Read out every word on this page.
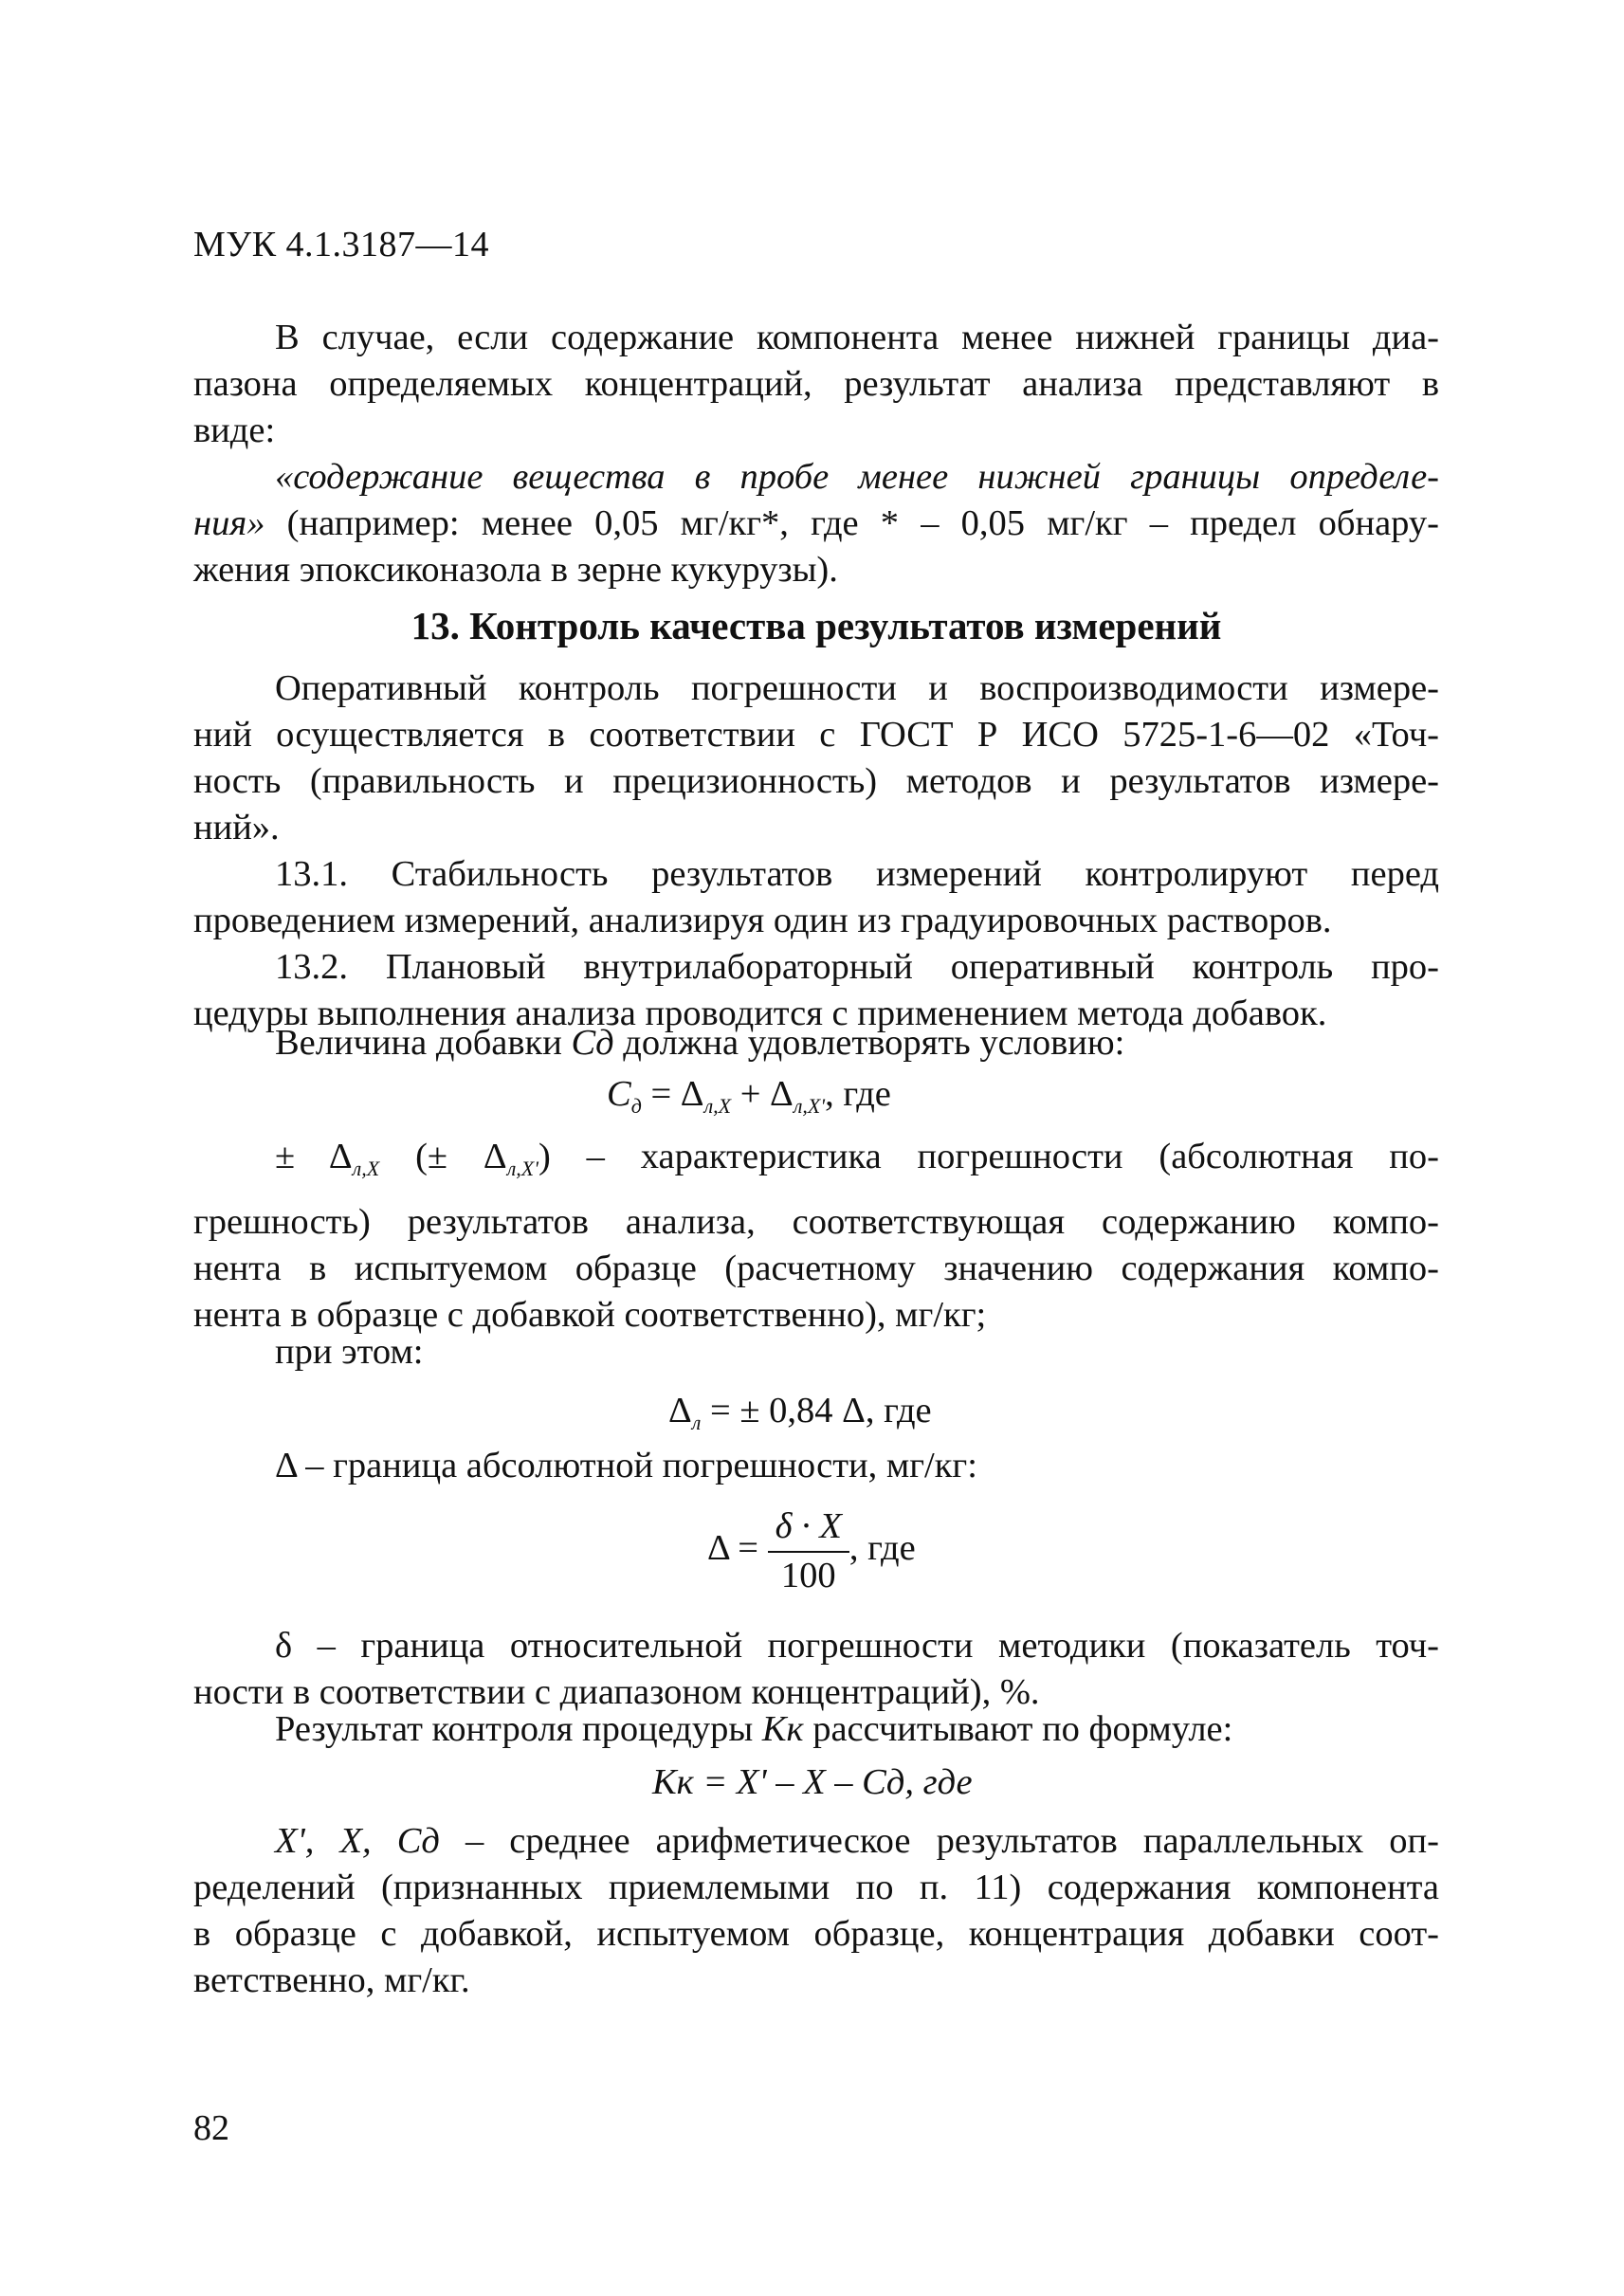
МУК 4.1.3187—14
В случае, если содержание компонента менее нижней границы диа-
пазона определяемых концентраций, результат анализа представляют в
виде:
«содержание вещества в пробе менее нижней границы определе-
ния» (например: менее 0,05 мг/кг*, где * – 0,05 мг/кг – предел обнару-
жения эпоксиконазола в зерне кукурузы).
13. Контроль качества результатов измерений
Оперативный контроль погрешности и воспроизводимости измере-
ний осуществляется в соответствии с ГОСТ Р ИСО 5725-1-6—02 «Точ-
ность (правильность и прецизионность) методов и результатов измере-
ний».
13.1. Стабильность результатов измерений контролируют перед
проведением измерений, анализируя один из градуировочных растворов.
13.2. Плановый внутрилабораторный оперативный контроль про-
цедуры выполнения анализа проводится с применением метода добавок.
Величина добавки Cд должна удовлетворять условию:
$C_д = \Delta_{л,X} + \Delta_{л,X'}$, где
± $\Delta_{л,X}$ (± $\Delta_{л,X'}$) – характеристика погрешности (абсолютная по-
грешность) результатов анализа, соответствующая содержанию компо-
нента в испытуемом образце (расчетному значению содержания компо-
нента в образце с добавкой соответственно), мг/кг;
при этом:
$\Delta_л$ = ± 0,84 Δ, где
Δ – граница абсолютной погрешности, мг/кг:
$\Delta = \frac{\delta \cdot X}{100}$ , где
δ – граница относительной погрешности методики (показатель точ-
ности в соответствии с диапазоном концентраций), %.
Результат контроля процедуры Kк рассчитывают по формуле:
Kк = X' – X – Cд, где
X', X, Cд – среднее арифметическое результатов параллельных оп-
ределений (признанных приемлемыми по п. 11) содержания компонента
в образце с добавкой, испытуемом образце, концентрация добавки соот-
ветственно, мг/кг.
82
